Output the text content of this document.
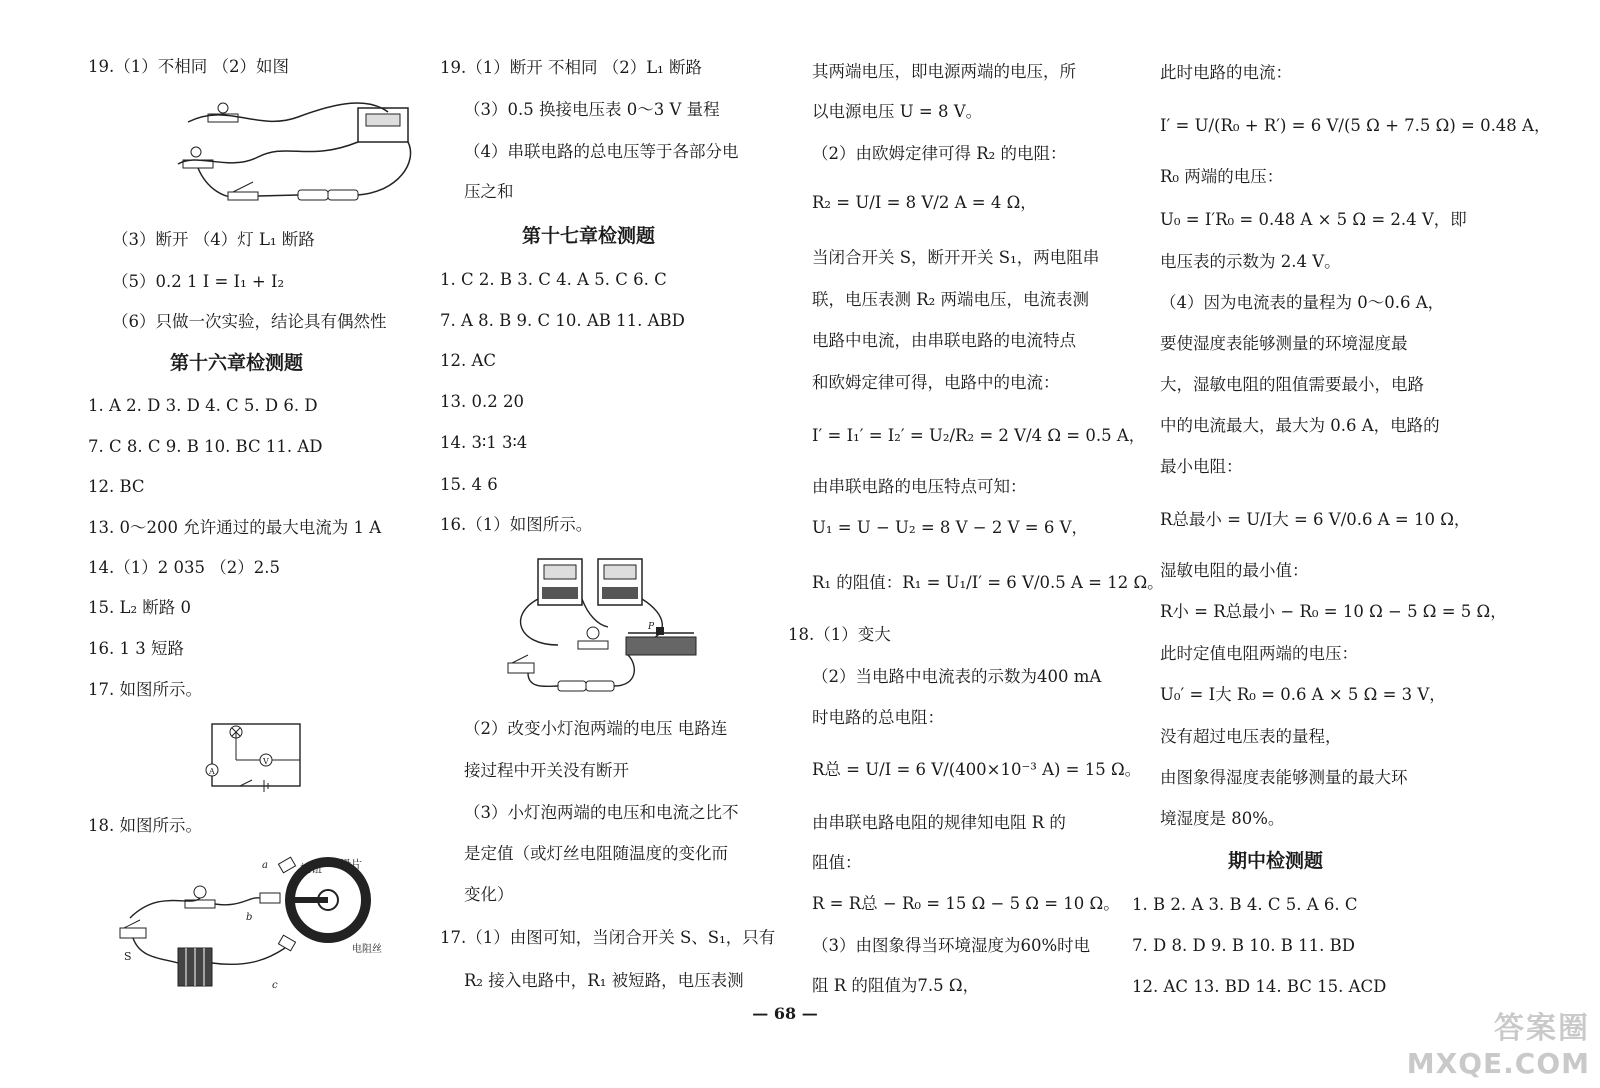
19.（1）不相同 （2）如图
（3）断开 （4）灯 L₁ 断路
（5）0.2 1 I = I₁ + I₂
（6）只做一次实验，结论具有偶然性
第十六章检测题
1. A 2. D 3. D 4. C 5. D 6. D
7. C 8. C 9. B 10. BC 11. AD
12. BC
13. 0～200 允许通过的最大电流为 1 A
14.（1）2 035 （2）2.5
15. L₂ 断路 0
16. 1 3 短路
17. 如图所示。
V
A
18. 如图所示。
a
b
c
旋钮 滑片
电阻丝
S
19.（1）断开 不相同 （2）L₁ 断路
（3）0.5 换接电压表 0～3 V 量程
（4）串联电路的总电压等于各部分电
压之和
第十七章检测题
1. C 2. B 3. C 4. A 5. C 6. C
7. A 8. B 9. C 10. AB 11. ABD
12. AC
13. 0.2 20
14. 3∶1 3∶4
15. 4 6
16.（1）如图所示。
P
（2）改变小灯泡两端的电压 电路连
接过程中开关没有断开
（3）小灯泡两端的电压和电流之比不
是定值（或灯丝电阻随温度的变化而
变化）
17.（1）由图可知，当闭合开关 S、S₁，只有
R₂ 接入电路中，R₁ 被短路，电压表测
其两端电压，即电源两端的电压，所
以电源电压 U = 8 V。
（2）由欧姆定律可得 R₂ 的电阻：
R₂ = U/I = 8 V/2 A = 4 Ω，
当闭合开关 S，断开开关 S₁，两电阻串
联，电压表测 R₂ 两端电压，电流表测
电路中电流，由串联电路的电流特点
和欧姆定律可得，电路中的电流：
I′ = I₁′ = I₂′ = U₂/R₂ = 2 V/4 Ω = 0.5 A，
由串联电路的电压特点可知：
U₁ = U − U₂ = 8 V − 2 V = 6 V，
R₁ 的阻值：R₁ = U₁/I′ = 6 V/0.5 A = 12 Ω。
18.（1）变大
（2）当电路中电流表的示数为400 mA
时电路的总电阻：
R总 = U/I = 6 V/(400×10⁻³ A) = 15 Ω。
由串联电路电阻的规律知电阻 R 的
阻值：
R = R总 − R₀ = 15 Ω − 5 Ω = 10 Ω。
（3）由图象得当环境湿度为60%时电
阻 R 的阻值为7.5 Ω，
此时电路的电流：
I′ = U/(R₀ + R′) = 6 V/(5 Ω + 7.5 Ω) = 0.48 A，
R₀ 两端的电压：
U₀ = I′R₀ = 0.48 A × 5 Ω = 2.4 V，即
电压表的示数为 2.4 V。
（4）因为电流表的量程为 0～0.6 A，
要使湿度表能够测量的环境湿度最
大，湿敏电阻的阻值需要最小，电路
中的电流最大，最大为 0.6 A，电路的
最小电阻：
R总最小 = U/I大 = 6 V/0.6 A = 10 Ω，
湿敏电阻的最小值：
R小 = R总最小 − R₀ = 10 Ω − 5 Ω = 5 Ω，
此时定值电阻两端的电压：
U₀′ = I大 R₀ = 0.6 A × 5 Ω = 3 V，
没有超过电压表的量程，
由图象得湿度表能够测量的最大环
境湿度是 80%。
期中检测题
1. B 2. A 3. B 4. C 5. A 6. C
7. D 8. D 9. B 10. B 11. BD
12. AC 13. BD 14. BC 15. ACD
— 68 —	答案圈
MXQE.COM
